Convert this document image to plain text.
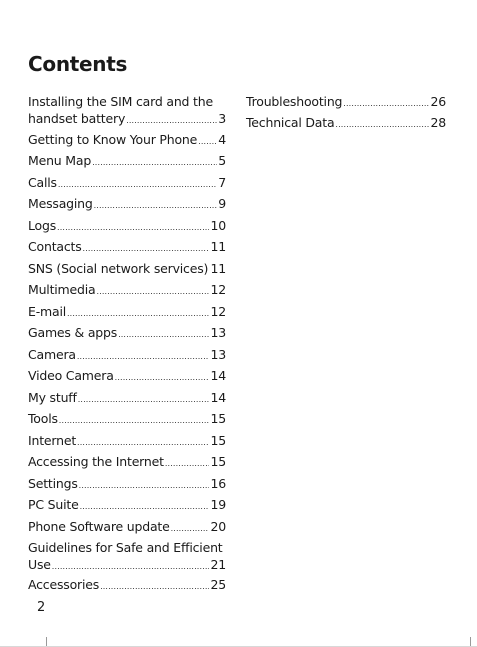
Contents
Installing the SIM card and the
handset battery . . .	3
Getting to Know Your Phone . . . 4
Menu Map . . .	5
Calls . . .	7
Messaging . . .	9
Logs . . .	10
Contacts . . .	11
SNS (Social network services) . . . 11
Multimedia . . .	12
E-mail . . .	12
Games & apps . . .	13
Camera . . .	13
Video Camera . . .	14
My stuff . . .	14
Tools . . .	15
Internet . . .	15
Accessing the Internet . . .	15
Settings . . .	16
PC Suite . . .	19
Phone Software update . . .	20
Guidelines for Safe and Efficient
Use . . .	21
Accessories . . .	25
Troubleshooting . . .	26
Technical Data . . .	28
2
